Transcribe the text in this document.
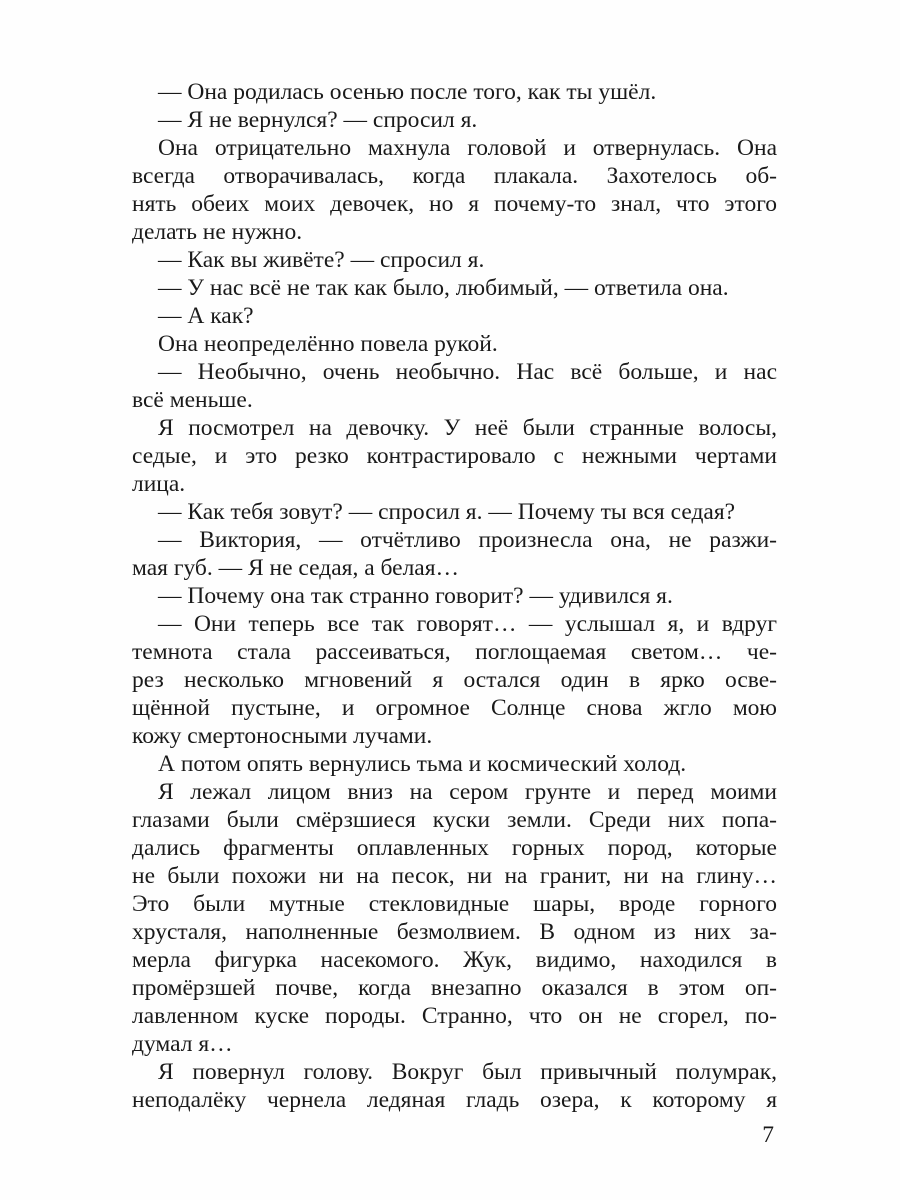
— Она родилась осенью после того, как ты ушёл.
— Я не вернулся? — спросил я.
Она отрицательно махнула головой и отвернулась. Она
всегда отворачивалась, когда плакала. Захотелось об-
нять обеих моих девочек, но я почему-то знал, что этого
делать не нужно.
— Как вы живёте? — спросил я.
— У нас всё не так как было, любимый, — ответила она.
— А как?
Она неопределённо повела рукой.
— Необычно, очень необычно. Нас всё больше, и нас
всё меньше.
Я посмотрел на девочку. У неё были странные волосы,
седые, и это резко контрастировало с нежными чертами
лица.
— Как тебя зовут? — спросил я. — Почему ты вся седая?
— Виктория, — отчётливо произнесла она, не разжи-
мая губ. — Я не седая, а белая…
— Почему она так странно говорит? — удивился я.
— Они теперь все так говорят… — услышал я, и вдруг
темнота стала рассеиваться, поглощаемая светом… че-
рез несколько мгновений я остался один в ярко осве-
щённой пустыне, и огромное Солнце снова жгло мою
кожу смертоносными лучами.
А потом опять вернулись тьма и космический холод.
Я лежал лицом вниз на сером грунте и перед моими
глазами были смёрзшиеся куски земли. Среди них попа-
дались фрагменты оплавленных горных пород, которые
не были похожи ни на песок, ни на гранит, ни на глину…
Это были мутные стекловидные шары, вроде горного
хрусталя, наполненные безмолвием. В одном из них за-
мерла фигурка насекомого. Жук, видимо, находился в
промёрзшей почве, когда внезапно оказался в этом оп-
лавленном куске породы. Странно, что он не сгорел, по-
думал я…
Я повернул голову. Вокруг был привычный полумрак,
неподалёку чернела ледяная гладь озера, к которому я
7
